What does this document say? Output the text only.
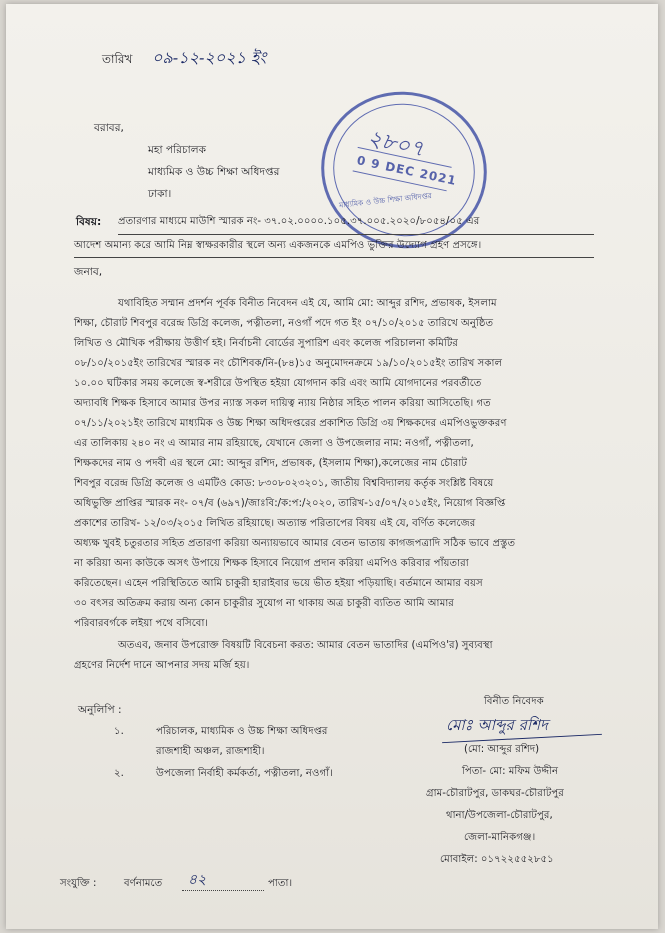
তারিখ ০৯-১২-২০২১ ইং
বরাবর,
মহা পরিচালক
মাধ্যমিক ও উচ্চ শিক্ষা অধিদপ্তর
ঢাকা।
২৮০৭
0 9 DEC 2021
মাধ্যমিক ও উচ্চ শিক্ষা অধিদপ্তর
বিষয়: প্রতারণার মাধ্যমে মাউশি স্মারক নং- ৩৭.০২.০০০০.১০৫.৩৭.০০৫.২০২০/৮০৫৪/০৫ এর
আদেশ অমান্য করে আমি নিম্ন স্বাক্ষরকারীর স্থলে অন্য একজনকে এমপিও ভুক্তির উদ্যোগ গ্রহণ প্রসঙ্গে।
জনাব,
যথাবিহিত সম্মান প্রদর্শন পূর্বক বিনীত নিবেদন এই যে, আমি মো: আব্দুর রশিদ, প্রভাষক, ইসলাম
শিক্ষা, চৌরাট শিবপুর বরেন্দ্র ডিগ্রি কলেজ, পত্নীতলা, নওগাঁ পদে গত ইং ০৭/১০/২০১৫ তারিখে অনুষ্ঠিত
লিখিত ও মৌখিক পরীক্ষায় উত্তীর্ণ হই। নির্বাচনী বোর্ডের সুপারিশ এবং কলেজ পরিচালনা কমিটির
০৮/১০/২০১৫ইং তারিখের স্মারক নং চৌশিবক/নি-(৮৪)১৫ অনুমোদনক্রমে ১৯/১০/২০১৫ইং তারিখ সকাল
১০.০০ ঘটিকার সময় কলেজে স্ব-শরীরে উপস্থিত হইয়া যোগদান করি এবং আমি যোগদানের পরবর্তীতে
অদ্যাবধি শিক্ষক হিসাবে আমার উপর ন্যাস্ত সকল দায়িত্ব ন্যায় নিষ্ঠার সহিত পালন করিয়া আসিতেছি। গত
০৭/১১/২০২১ইং তারিখে মাধ্যমিক ও উচ্চ শিক্ষা অধিদপ্তরের প্রকাশিত ডিগ্রি ৩য় শিক্ষকদের এমপিওভুক্তকরণ
এর তালিকায় ২৪০ নং এ আমার নাম রহিয়াছে, যেখানে জেলা ও উপজেলার নাম: নওগাঁ, পত্নীতলা,
শিক্ষকদের নাম ও পদবী এর স্থলে মো: আব্দুর রশিদ, প্রভাষক, (ইসলাম শিক্ষা),কলেজের নাম চৌরাট
শিবপুর বরেন্দ্র ডিগ্রি কলেজ ও এমটিও কোড: ৮৩০৮০২৩২০১, জাতীয় বিশ্ববিদ্যালয় কর্তৃক সংশ্লিষ্ট বিষয়ে
অধিভুক্তি প্রাপ্তির স্মারক নং- ০৭/ব (৬৯৭)/জাঃবি:/ক:প:/২০২০, তারিখ-১৫/০৭/২০১৫ইং, নিয়োগ বিজ্ঞপ্তি
প্রকাশের তারিখ- ১২/০৩/২০১৫ লিখিত রহিয়াছে। অত্যান্ত পরিতাপের বিষয় এই যে, বর্ণিত কলেজের
অধ্যক্ষ খুবই চতুরতার সহিত প্রতারণা করিয়া অন্যায়ভাবে আমার বেতন ভাতায় কাগজপত্রাদি সঠিক ভাবে প্রস্তুত
না করিয়া অন্য কাউকে অসৎ উপায়ে শিক্ষক হিসাবে নিয়োগ প্রদান করিয়া এমপিও করিবার পাঁয়তারা
করিতেছেন। এহেন পরিস্থিতিতে আমি চাকুরী হারাইবার ভয়ে ভীত হইয়া পড়িয়াছি। বর্তমানে আমার বয়স
৩০ বৎসর অতিক্রম করায় অন্য কোন চাকুরীর সুযোগ না থাকায় অত্র চাকুরী ব্যতিত আমি আমার
পরিবারবর্গকে লইয়া পথে বসিবো।
অতএব, জনাব উপরোক্ত বিষয়টি বিবেচনা করত: আমার বেতন ভাতাদির (এমপিও'র) সুব্যবস্থা
গ্রহণের নির্দেশ দানে আপনার সদয় মর্জি হয়।
অনুলিপি :
১.	পরিচালক, মাধ্যমিক ও উচ্চ শিক্ষা অধিদপ্তর
রাজশাহী অঞ্চল, রাজশাহী।
২.	উপজেলা নির্বাহী কর্মকর্তা, পত্নীতলা, নওগাঁ।
বিনীত নিবেদক
মোঃ আব্দুর রশিদ
(মো: আব্দুর রশিদ)
পিতা- মো: মফিম উদ্দীন
গ্রাম-চৌরাটপুর, ডাকঘর-চৌরাটপুর
থানা/উপজেলা-চৌরাটপুর,
জেলা-মানিকগঞ্জ।
মোবাইল: ০১৭২২৫৫২৮৫১
সংযুক্তি :	বর্ণনামতে ৪২	পাতা।
